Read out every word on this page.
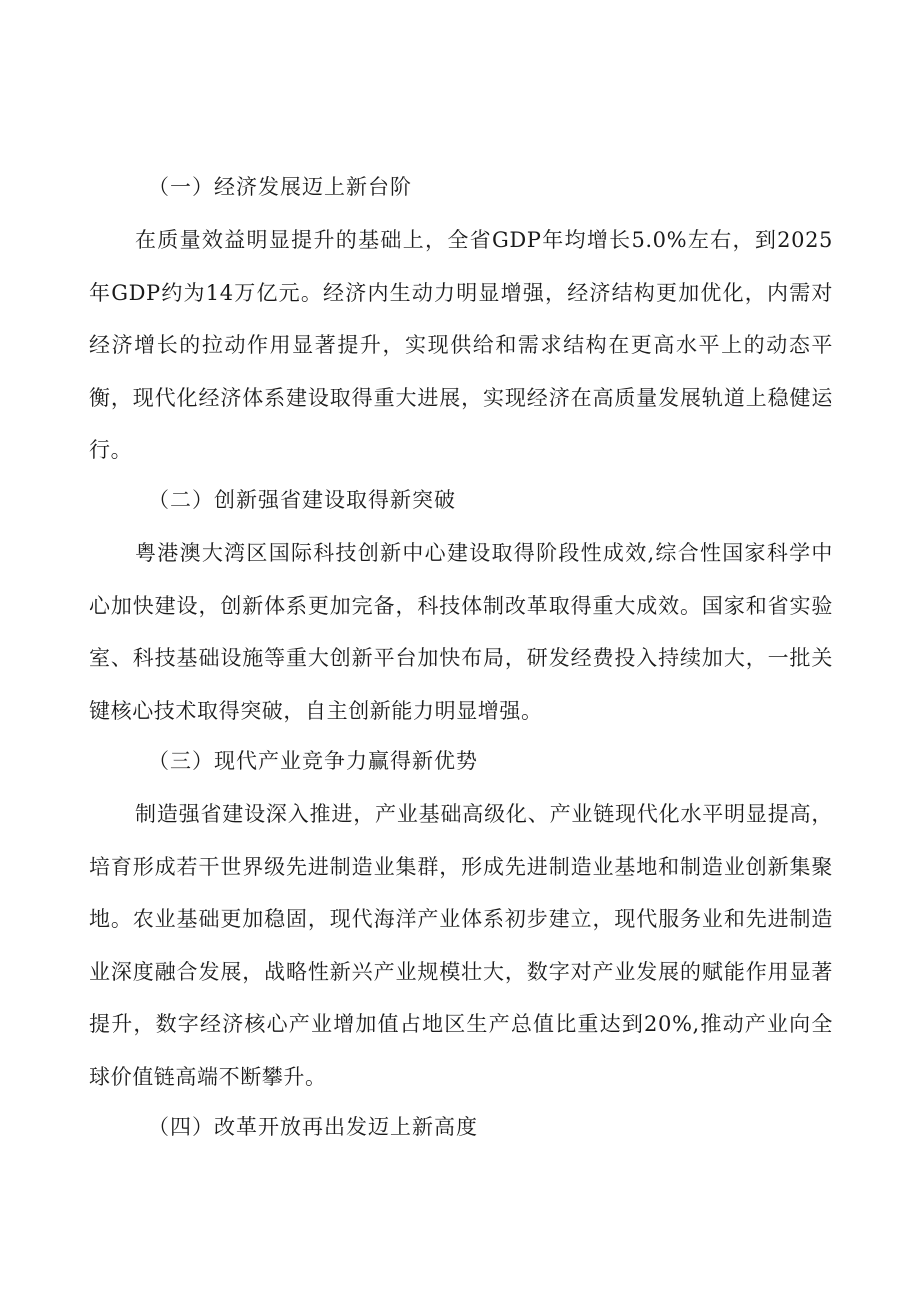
（一）经济发展迈上新台阶
在质量效益明显提升的基础上，全省GDP年均增长5.0%左右，到2025年GDP约为14万亿元。经济内生动力明显增强，经济结构更加优化，内需对经济增长的拉动作用显著提升，实现供给和需求结构在更高水平上的动态平衡，现代化经济体系建设取得重大进展，实现经济在高质量发展轨道上稳健运行。
（二）创新强省建设取得新突破
粤港澳大湾区国际科技创新中心建设取得阶段性成效,综合性国家科学中心加快建设，创新体系更加完备，科技体制改革取得重大成效。国家和省实验室、科技基础设施等重大创新平台加快布局，研发经费投入持续加大，一批关键核心技术取得突破，自主创新能力明显增强。
（三）现代产业竞争力赢得新优势
制造强省建设深入推进，产业基础高级化、产业链现代化水平明显提高，培育形成若干世界级先进制造业集群，形成先进制造业基地和制造业创新集聚地。农业基础更加稳固，现代海洋产业体系初步建立，现代服务业和先进制造业深度融合发展，战略性新兴产业规模壮大，数字对产业发展的赋能作用显著提升，数字经济核心产业增加值占地区生产总值比重达到20%,推动产业向全球价值链高端不断攀升。
（四）改革开放再出发迈上新高度
